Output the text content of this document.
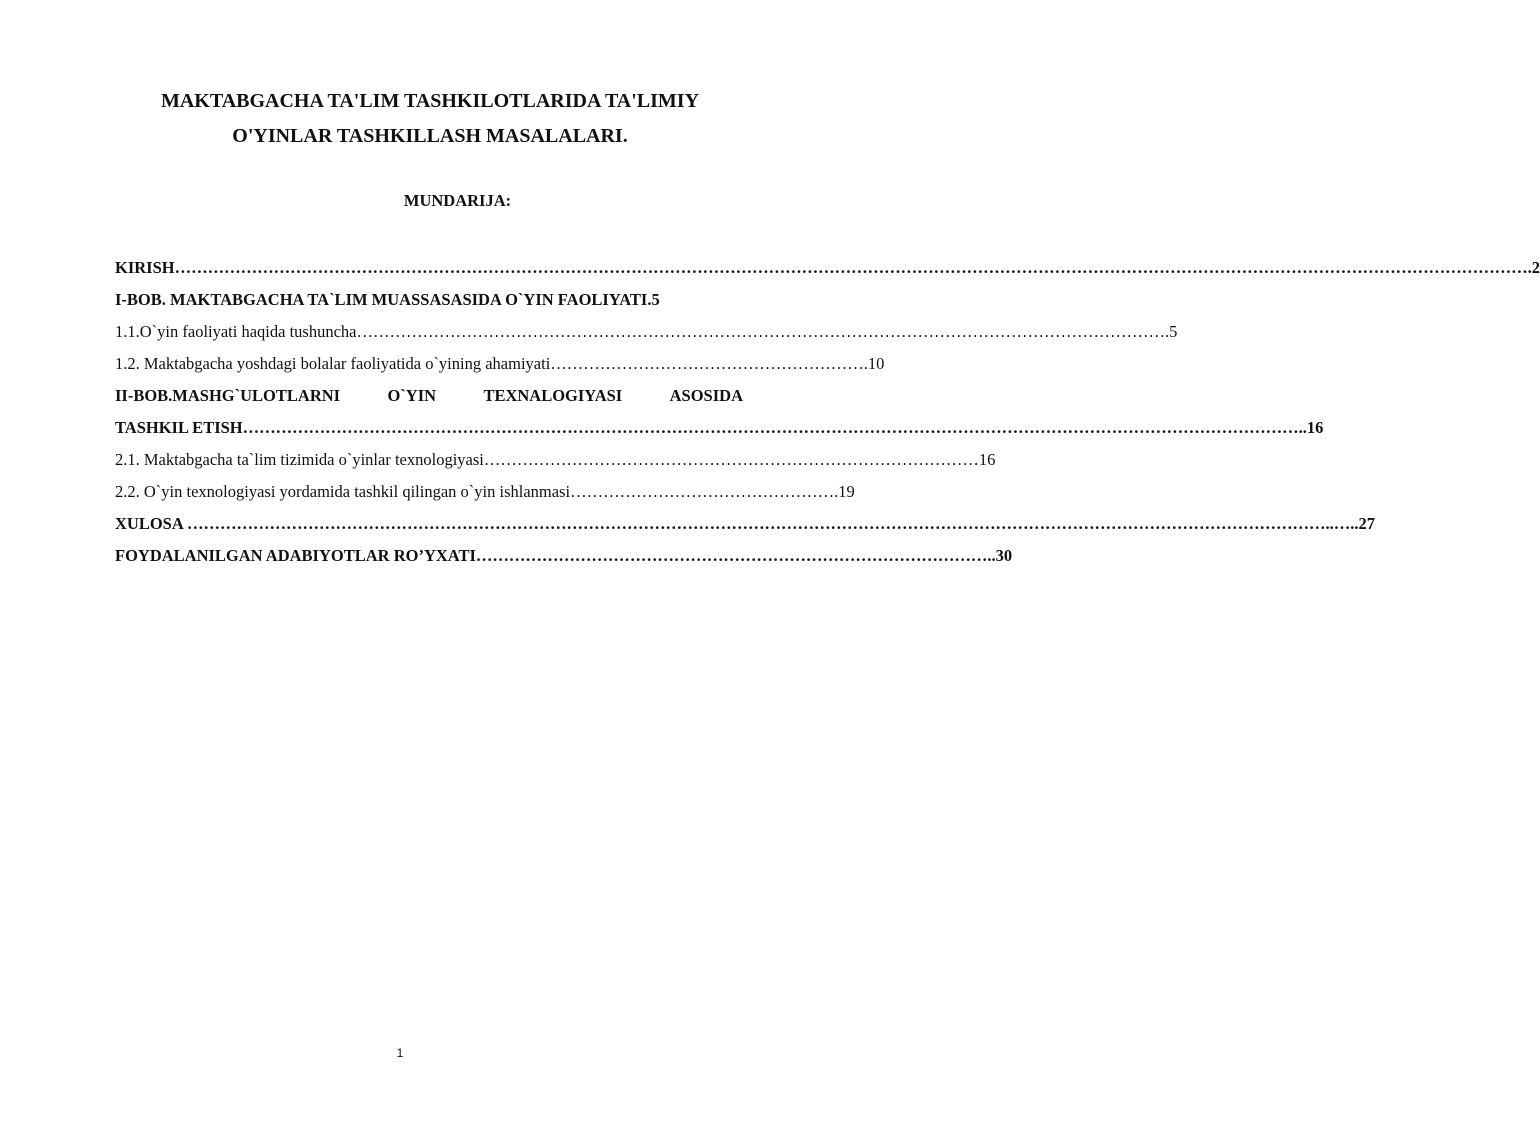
MAKTABGACHA TA'LIM TASHKILOTLARIDA TA'LIMIY
O'YINLAR TASHKILLASH MASALALARI.
MUNDARIJA:
KIRISH………………………………………………………………………………………………………………………………………………………………………………………………………………………….2
I-BOB. MAKTABGACHA TA`LIM MUASSASASIDA O`YIN FAOLIYATI.5
1.1.O`yin faoliyati haqida tushuncha………………………………………………………………………………………………………………………………….5
1.2. Maktabgacha yoshdagi bolalar faoliyatida o`yining ahamiyati………………………………………………….10
II-BOB.MASHG`ULOTLARNI	O`YIN	TEXNALOGIYASI	ASOSIDA
TASHKIL ETISH…………………………………………………………………………………………………………………………………………………………………………..16
2.1. Maktabgacha ta`lim tizimida o`yinlar texnologiyasi………………………………………………………………………………16
2.2. O`yin texnologiyasi yordamida tashkil qilingan o`yin ishlanmasi………………………………………….19
XULOSA ………………………………………………………………………………………………………………………………………………………………………………………..…..27
FOYDALANILGAN ADABIYOTLAR RO’YXATI…………………………………………………………………………………..30
1
